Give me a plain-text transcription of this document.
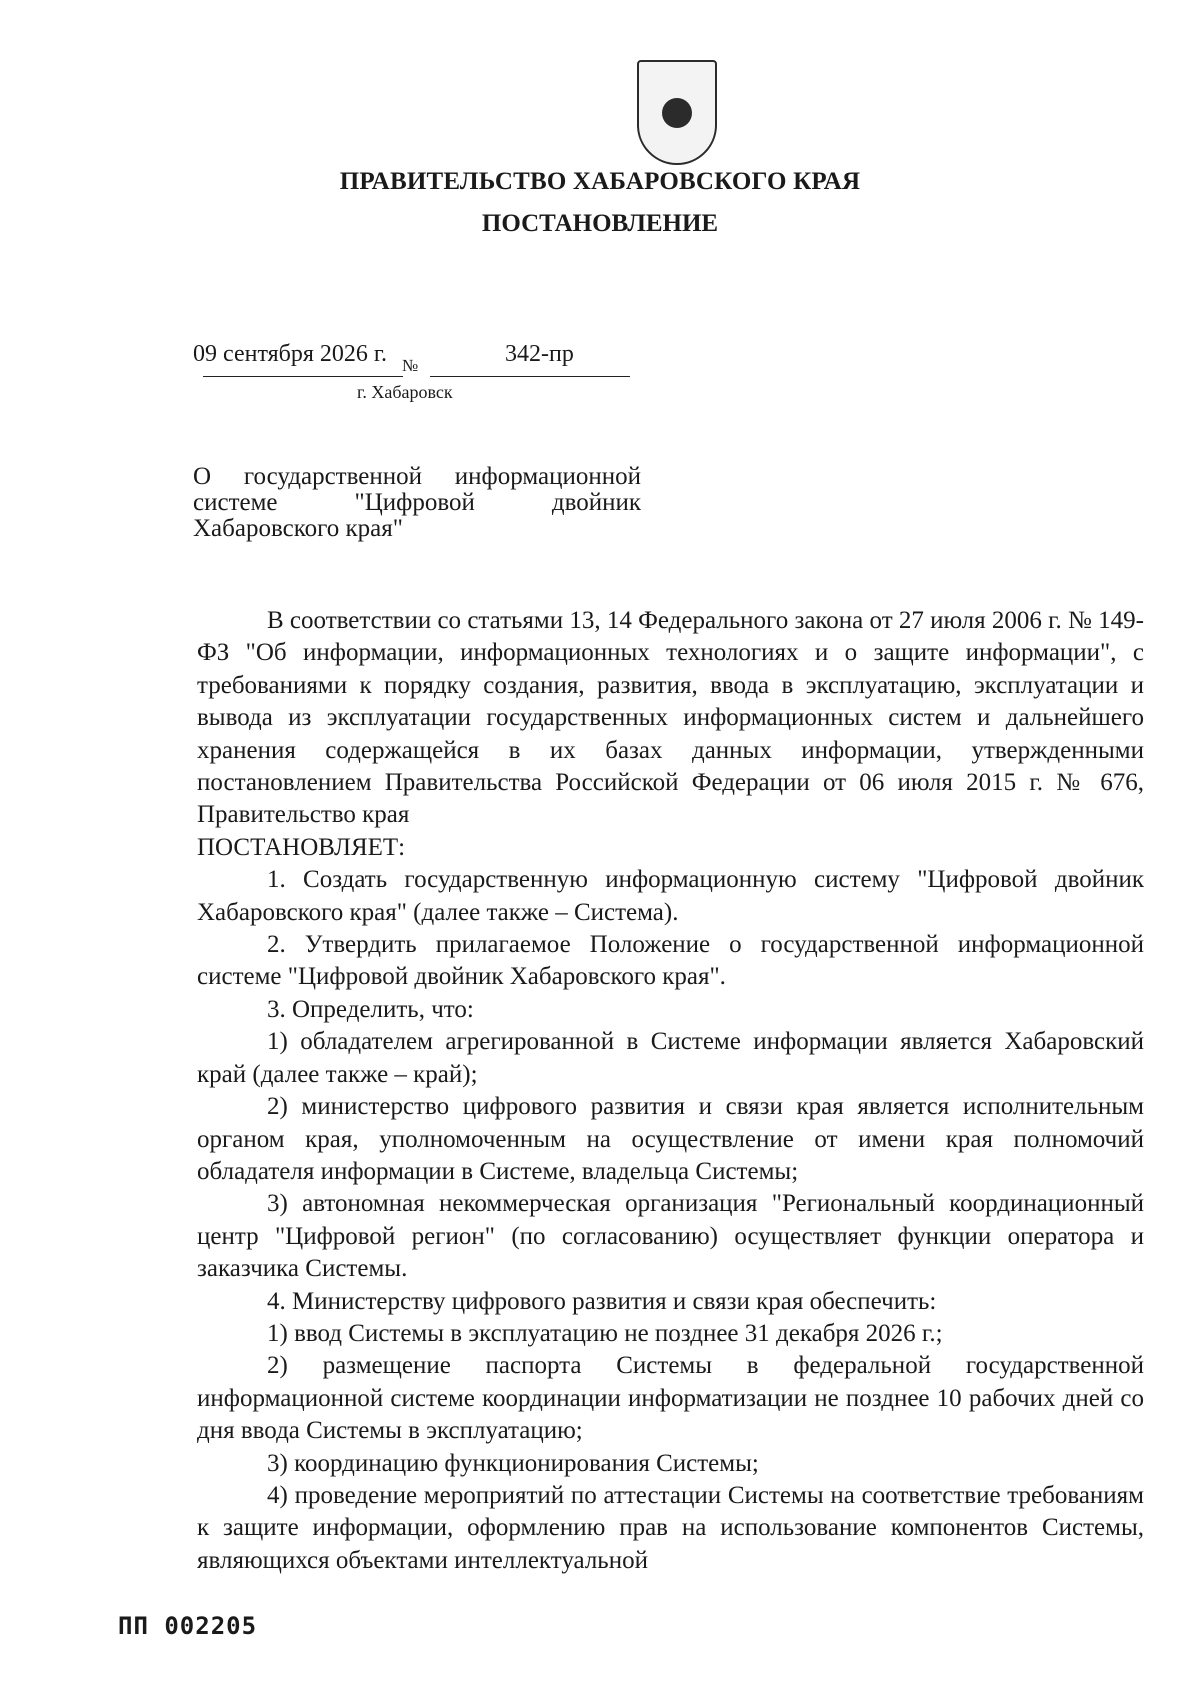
ПРАВИТЕЛЬСТВО ХАБАРОВСКОГО КРАЯ
ПОСТАНОВЛЕНИЕ
09 сентября 2026 г. №	342-пр
г. Хабаровск
О государственной информационной системе "Цифровой двойник Хабаровского края"

В соответствии со статьями 13, 14 Федерального закона от 27 июля 2006 г. № 149-ФЗ "Об информации, информационных технологиях и о защите информации", с требованиями к порядку создания, развития, ввода в эксплуатацию, эксплуатации и вывода из эксплуатации государственных информационных систем и дальнейшего хранения содержащейся в их базах данных информации, утвержденными постановлением Правительства Российской Федерации от 06 июля 2015 г. № 676, Правительство края

ПОСТАНОВЛЯЕТ:

1. Создать государственную информационную систему "Цифровой двойник Хабаровского края" (далее также – Система).

2. Утвердить прилагаемое Положение о государственной информационной системе "Цифровой двойник Хабаровского края".

3. Определить, что:

1) обладателем агрегированной в Системе информации является Хабаровский край (далее также – край);

2) министерство цифрового развития и связи края является исполнительным органом края, уполномоченным на осуществление от имени края полномочий обладателя информации в Системе, владельца Системы;

3) автономная некоммерческая организация "Региональный координационный центр "Цифровой регион" (по согласованию) осуществляет функции оператора и заказчика Системы.

4. Министерству цифрового развития и связи края обеспечить:

1) ввод Системы в эксплуатацию не позднее 31 декабря 2026 г.;

2) размещение паспорта Системы в федеральной государственной информационной системе координации информатизации не позднее 10 рабочих дней со дня ввода Системы в эксплуатацию;

3) координацию функционирования Системы;

4) проведение мероприятий по аттестации Системы на соответствие требованиям к защите информации, оформлению прав на использование компонентов Системы, являющихся объектами интеллектуальной

ПП 002205
